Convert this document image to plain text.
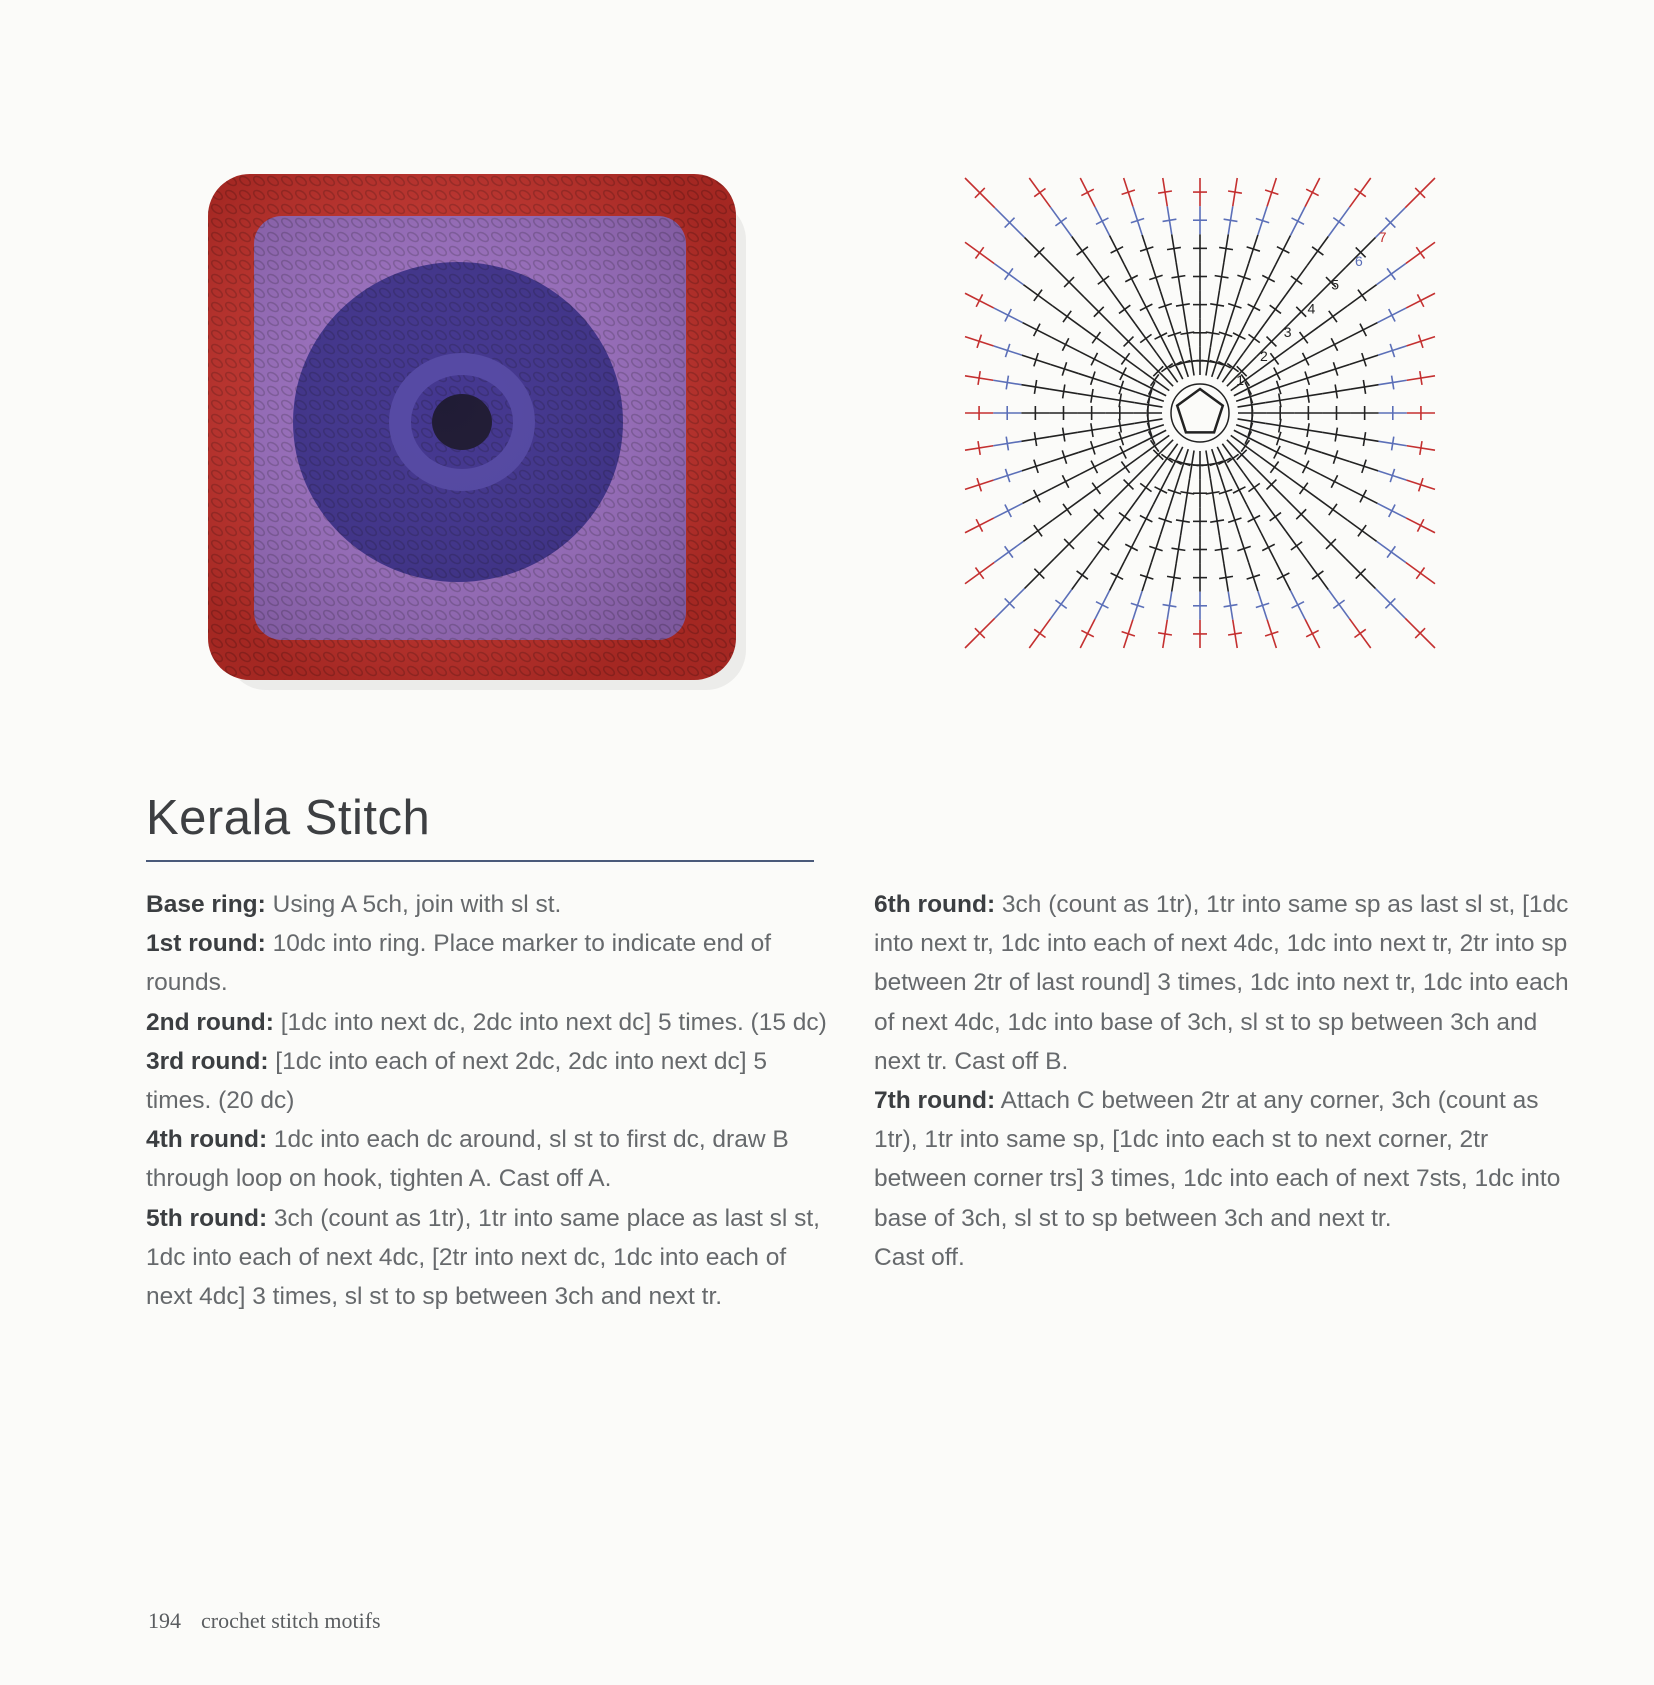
1
2
3
4
5
6
7
Kerala Stitch

Base ring: Using A 5ch, join with sl st.

1st round: 10dc into ring. Place marker to indicate end of rounds.

2nd round: [1dc into next dc, 2dc into next dc] 5 times. (15 dc)

3rd round: [1dc into each of next 2dc, 2dc into next dc] 5 times. (20 dc)

4th round: 1dc into each dc around, sl st to first dc, draw B through loop on hook, tighten A. Cast off A.

5th round: 3ch (count as 1tr), 1tr into same place as last sl st, 1dc into each of next 4dc, [2tr into next dc, 1dc into each of next 4dc] 3 times, sl st to sp between 3ch and next tr.

6th round: 3ch (count as 1tr), 1tr into same sp as last sl st, [1dc into next tr, 1dc into each of next 4dc, 1dc into next tr, 2tr into sp between 2tr of last round] 3 times, 1dc into next tr, 1dc into each of next 4dc, 1dc into base of 3ch, sl st to sp between 3ch and next tr. Cast off B.

7th round: Attach C between 2tr at any corner, 3ch (count as 1tr), 1tr into same sp, [1dc into each st to next corner, 2tr between corner trs] 3 times, 1dc into each of next 7sts, 1dc into base of 3ch, sl st to sp between 3ch and next tr.

Cast off.

194 crochet stitch motifs
